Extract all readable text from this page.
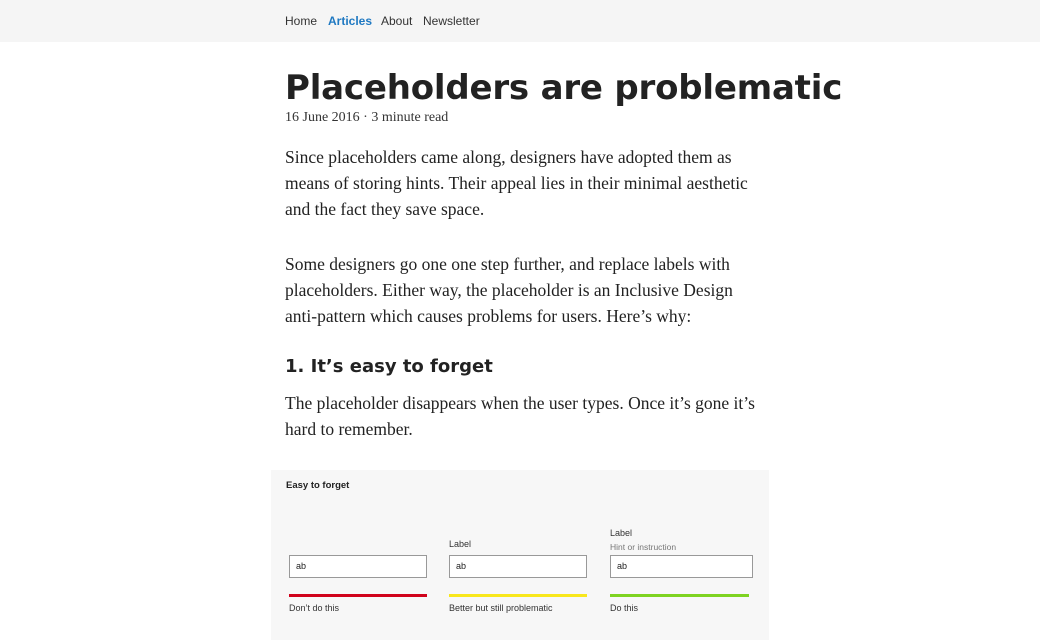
Home Articles About Newsletter
Placeholders are problematic
16 June 2016 · 3 minute read

Since placeholders came along, designers have adopted them as means of storing hints. Their appeal lies in their minimal aesthetic and the fact they save space.

Some designers go one one step further, and replace labels with placeholders. Either way, the placeholder is an Inclusive Design anti-pattern which causes problems for users. Here’s why:

1. It’s easy to forget

The placeholder disappears when the user types. Once it’s gone it’s hard to remember.

Easy to forget
ab
Don’t do this
Label
ab
Better but still problematic
Label
Hint or instruction
ab
Do this
